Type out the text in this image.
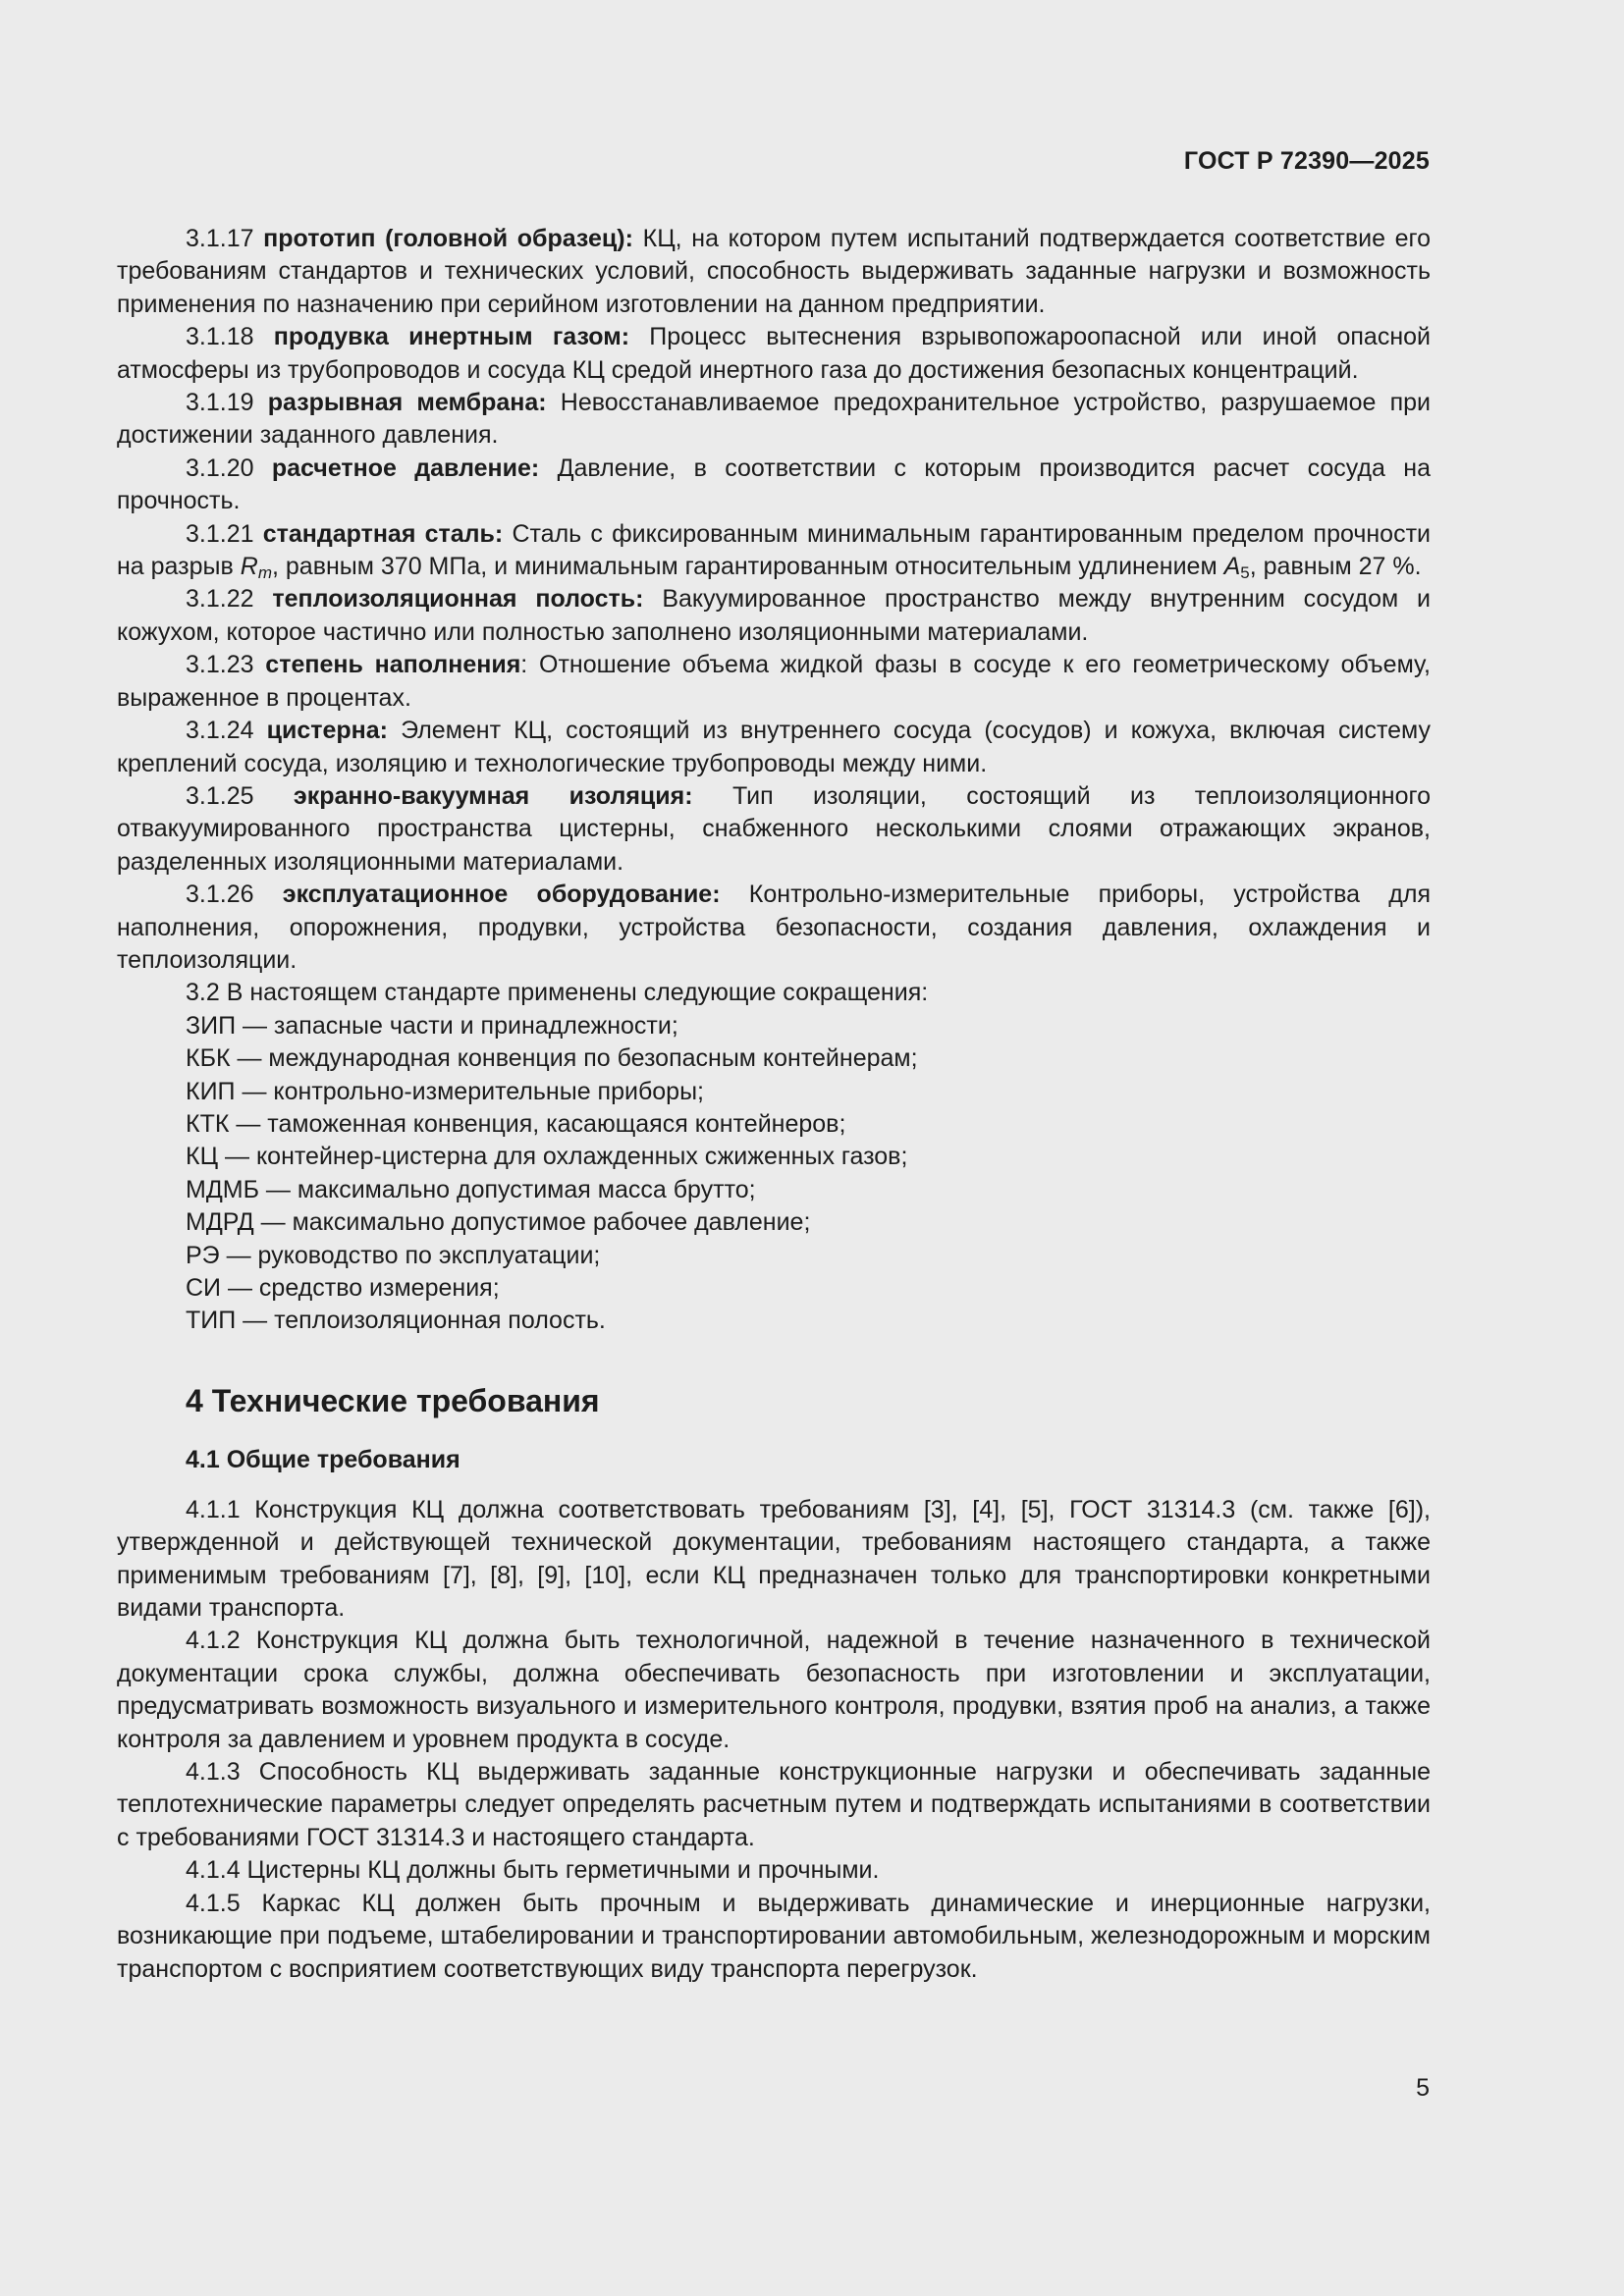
ГОСТ Р 72390—2025

3.1.17 прототип (головной образец): КЦ, на котором путем испытаний подтверждается соответствие его требованиям стандартов и технических условий, способность выдерживать заданные нагрузки и возможность применения по назначению при серийном изготовлении на данном предприятии.

3.1.18 продувка инертным газом: Процесс вытеснения взрывопожароопасной или иной опасной атмосферы из трубопроводов и сосуда КЦ средой инертного газа до достижения безопасных концентраций.

3.1.19 разрывная мембрана: Невосстанавливаемое предохранительное устройство, разрушаемое при достижении заданного давления.

3.1.20 расчетное давление: Давление, в соответствии с которым производится расчет сосуда на прочность.

3.1.21 стандартная сталь: Сталь с фиксированным минимальным гарантированным пределом прочности на разрыв $R_m$, равным 370 МПа, и минимальным гарантированным относительным удлинением $A_5$, равным 27 %.

3.1.22 теплоизоляционная полость: Вакуумированное пространство между внутренним сосудом и кожухом, которое частично или полностью заполнено изоляционными материалами.

3.1.23 степень наполнения: Отношение объема жидкой фазы в сосуде к его геометрическому объему, выраженное в процентах.

3.1.24 цистерна: Элемент КЦ, состоящий из внутреннего сосуда (сосудов) и кожуха, включая систему креплений сосуда, изоляцию и технологические трубопроводы между ними.

3.1.25 экранно-вакуумная изоляция: Тип изоляции, состоящий из теплоизоляционного отвакуумированного пространства цистерны, снабженного несколькими слоями отражающих экранов, разделенных изоляционными материалами.

3.1.26 эксплуатационное оборудование: Контрольно-измерительные приборы, устройства для наполнения, опорожнения, продувки, устройства безопасности, создания давления, охлаждения и теплоизоляции.

3.2 В настоящем стандарте применены следующие сокращения:

ЗИП — запасные части и принадлежности;

КБК — международная конвенция по безопасным контейнерам;

КИП — контрольно-измерительные приборы;

КТК — таможенная конвенция, касающаяся контейнеров;

КЦ — контейнер-цистерна для охлажденных сжиженных газов;

МДМБ — максимально допустимая масса брутто;

МДРД — максимально допустимое рабочее давление;

РЭ — руководство по эксплуатации;

СИ — средство измерения;

ТИП — теплоизоляционная полость.

4 Технические требования
4.1 Общие требования

4.1.1 Конструкция КЦ должна соответствовать требованиям [3], [4], [5], ГОСТ 31314.3 (см. также [6]), утвержденной и действующей технической документации, требованиям настоящего стандарта, а также применимым требованиям [7], [8], [9], [10], если КЦ предназначен только для транспортировки конкретными видами транспорта.

4.1.2 Конструкция КЦ должна быть технологичной, надежной в течение назначенного в технической документации срока службы, должна обеспечивать безопасность при изготовлении и эксплуатации, предусматривать возможность визуального и измерительного контроля, продувки, взятия проб на анализ, а также контроля за давлением и уровнем продукта в сосуде.

4.1.3 Способность КЦ выдерживать заданные конструкционные нагрузки и обеспечивать заданные теплотехнические параметры следует определять расчетным путем и подтверждать испытаниями в соответствии с требованиями ГОСТ 31314.3 и настоящего стандарта.

4.1.4 Цистерны КЦ должны быть герметичными и прочными.

4.1.5 Каркас КЦ должен быть прочным и выдерживать динамические и инерционные нагрузки, возникающие при подъеме, штабелировании и транспортировании автомобильным, железнодорожным и морским транспортом с восприятием соответствующих виду транспорта перегрузок.

5
